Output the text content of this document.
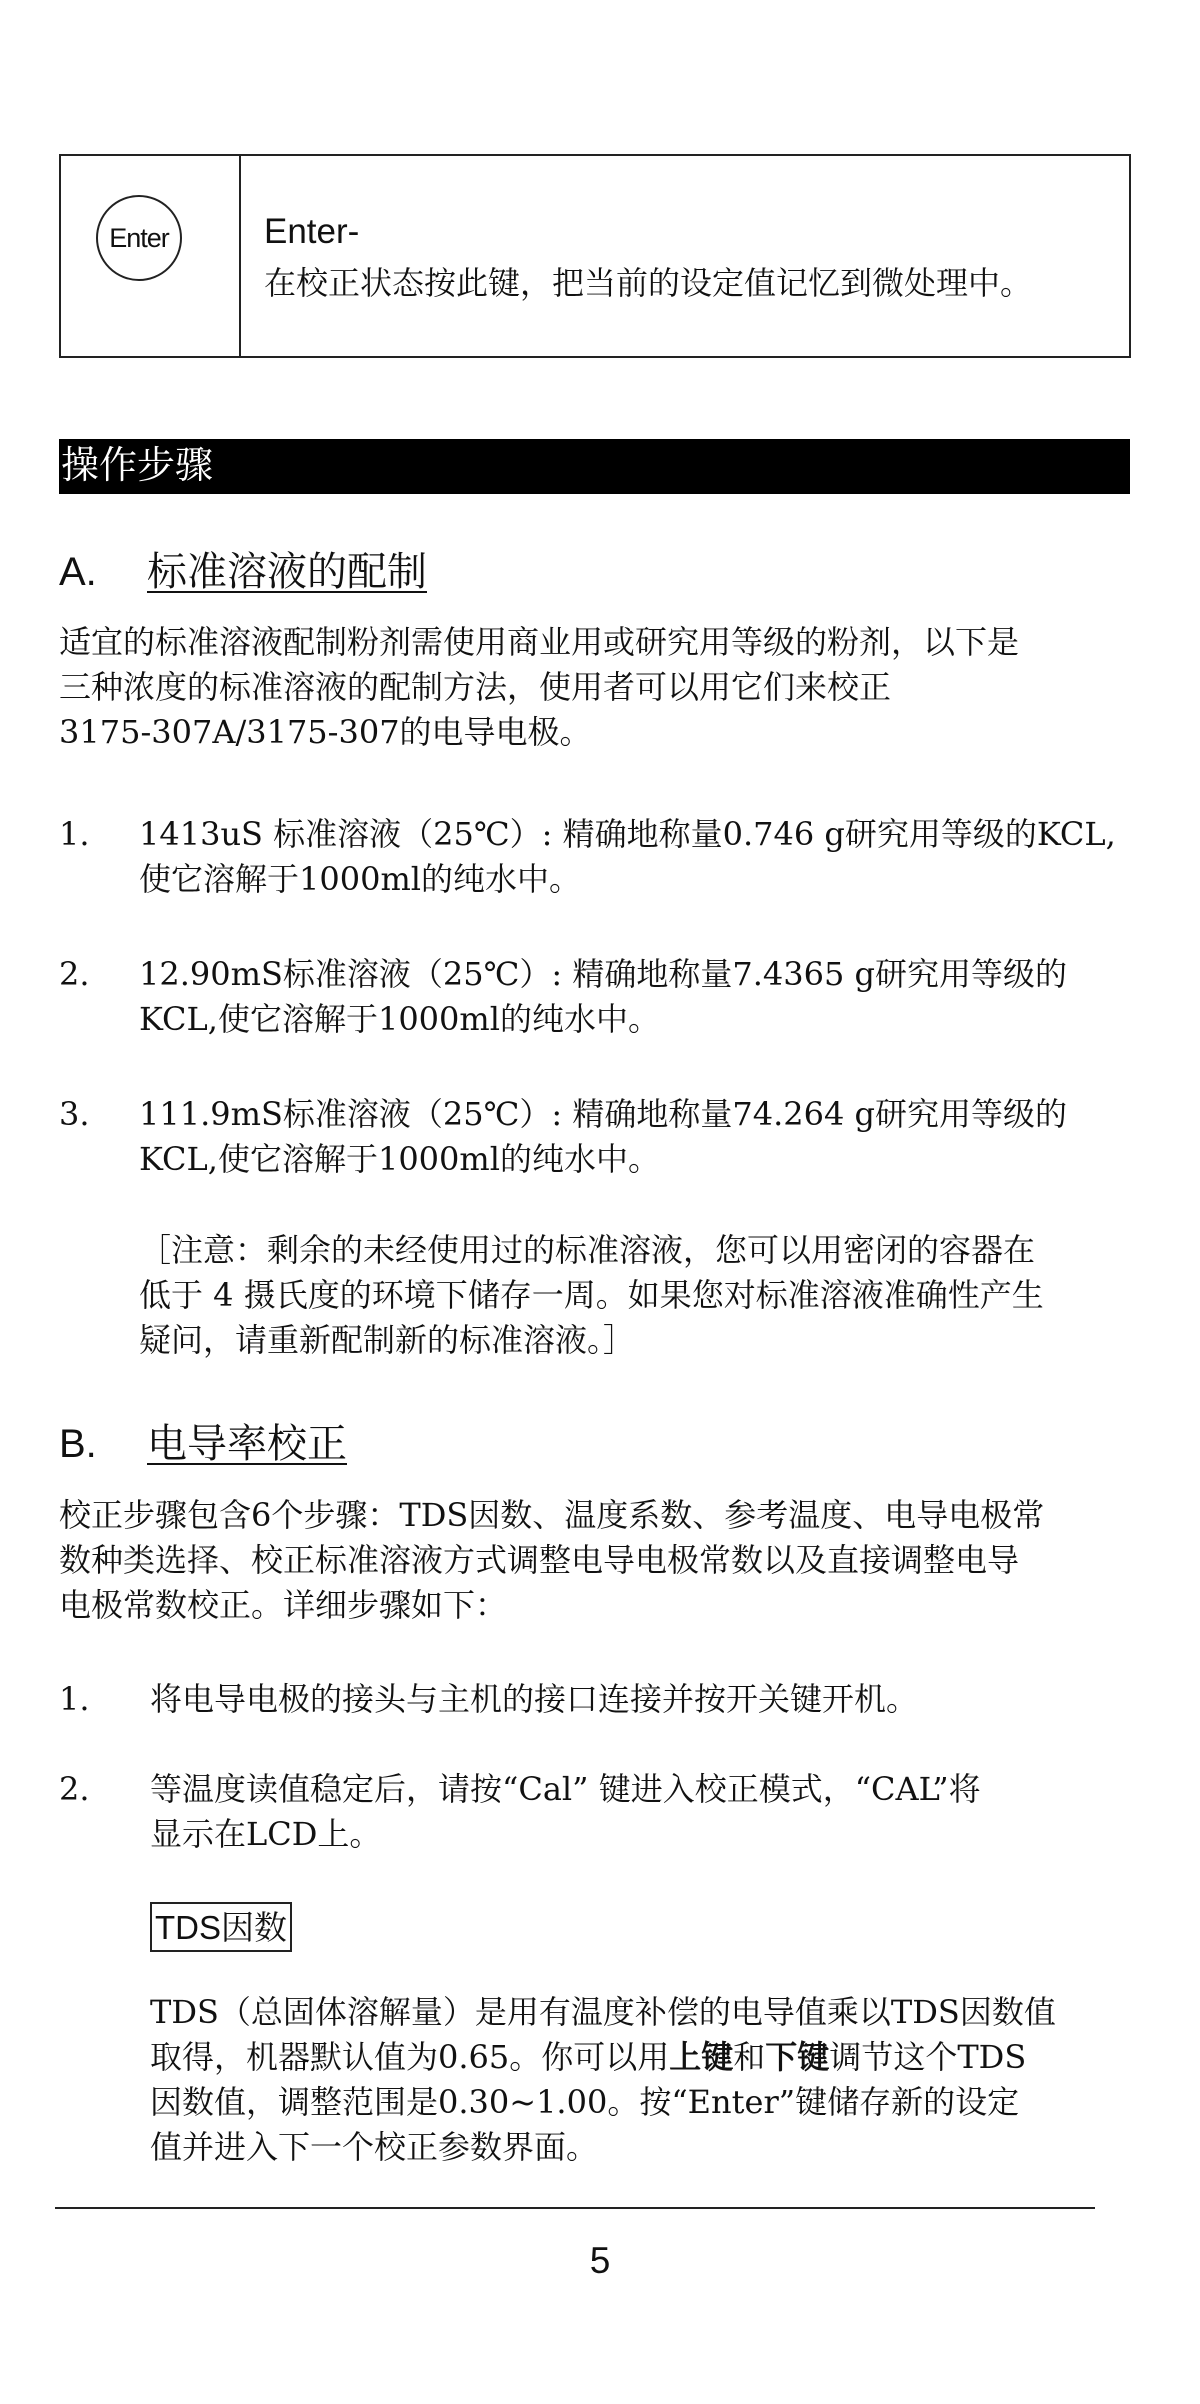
Enter	Enter-
在校正状态按此键，把当前的设定值记忆到微处理中。
操作步骤
A. 标准溶液的配制
适宜的标准溶液配制粉剂需使用商业用或研究用等级的粉剂，以下是
三种浓度的标准溶液的配制方法，使用者可以用它们来校正
3175-307A/3175-307的电导电极。
1. 1413uS 标准溶液（25℃）: 精确地称量0.746 g研究用等级的KCL,
使它溶解于1000ml的纯水中。
2. 12.90mS标准溶液（25℃）: 精确地称量7.4365 g研究用等级的
KCL,使它溶解于1000ml的纯水中。
3. 111.9mS标准溶液（25℃）: 精确地称量74.264 g研究用等级的
KCL,使它溶解于1000ml的纯水中。
［注意：剩余的未经使用过的标准溶液，您可以用密闭的容器在
低于 4 摄氏度的环境下储存一周。如果您对标准溶液准确性产生
疑问，请重新配制新的标准溶液。］
B. 电导率校正
校正步骤包含6个步骤：TDS因数、温度系数、参考温度、电导电极常
数种类选择、校正标准溶液方式调整电导电极常数以及直接调整电导
电极常数校正。详细步骤如下：
1. 将电导电极的接头与主机的接口连接并按开关键开机。
2. 等温度读值稳定后，请按“Cal” 键进入校正模式，“CAL”将
显示在LCD上。
TDS因数
TDS（总固体溶解量）是用有温度补偿的电导值乘以TDS因数值
取得，机器默认值为0.65。你可以用上键和下键调节这个TDS
因数值，调整范围是0.30~1.00。按“Enter”键储存新的设定
值并进入下一个校正参数界面。
5
